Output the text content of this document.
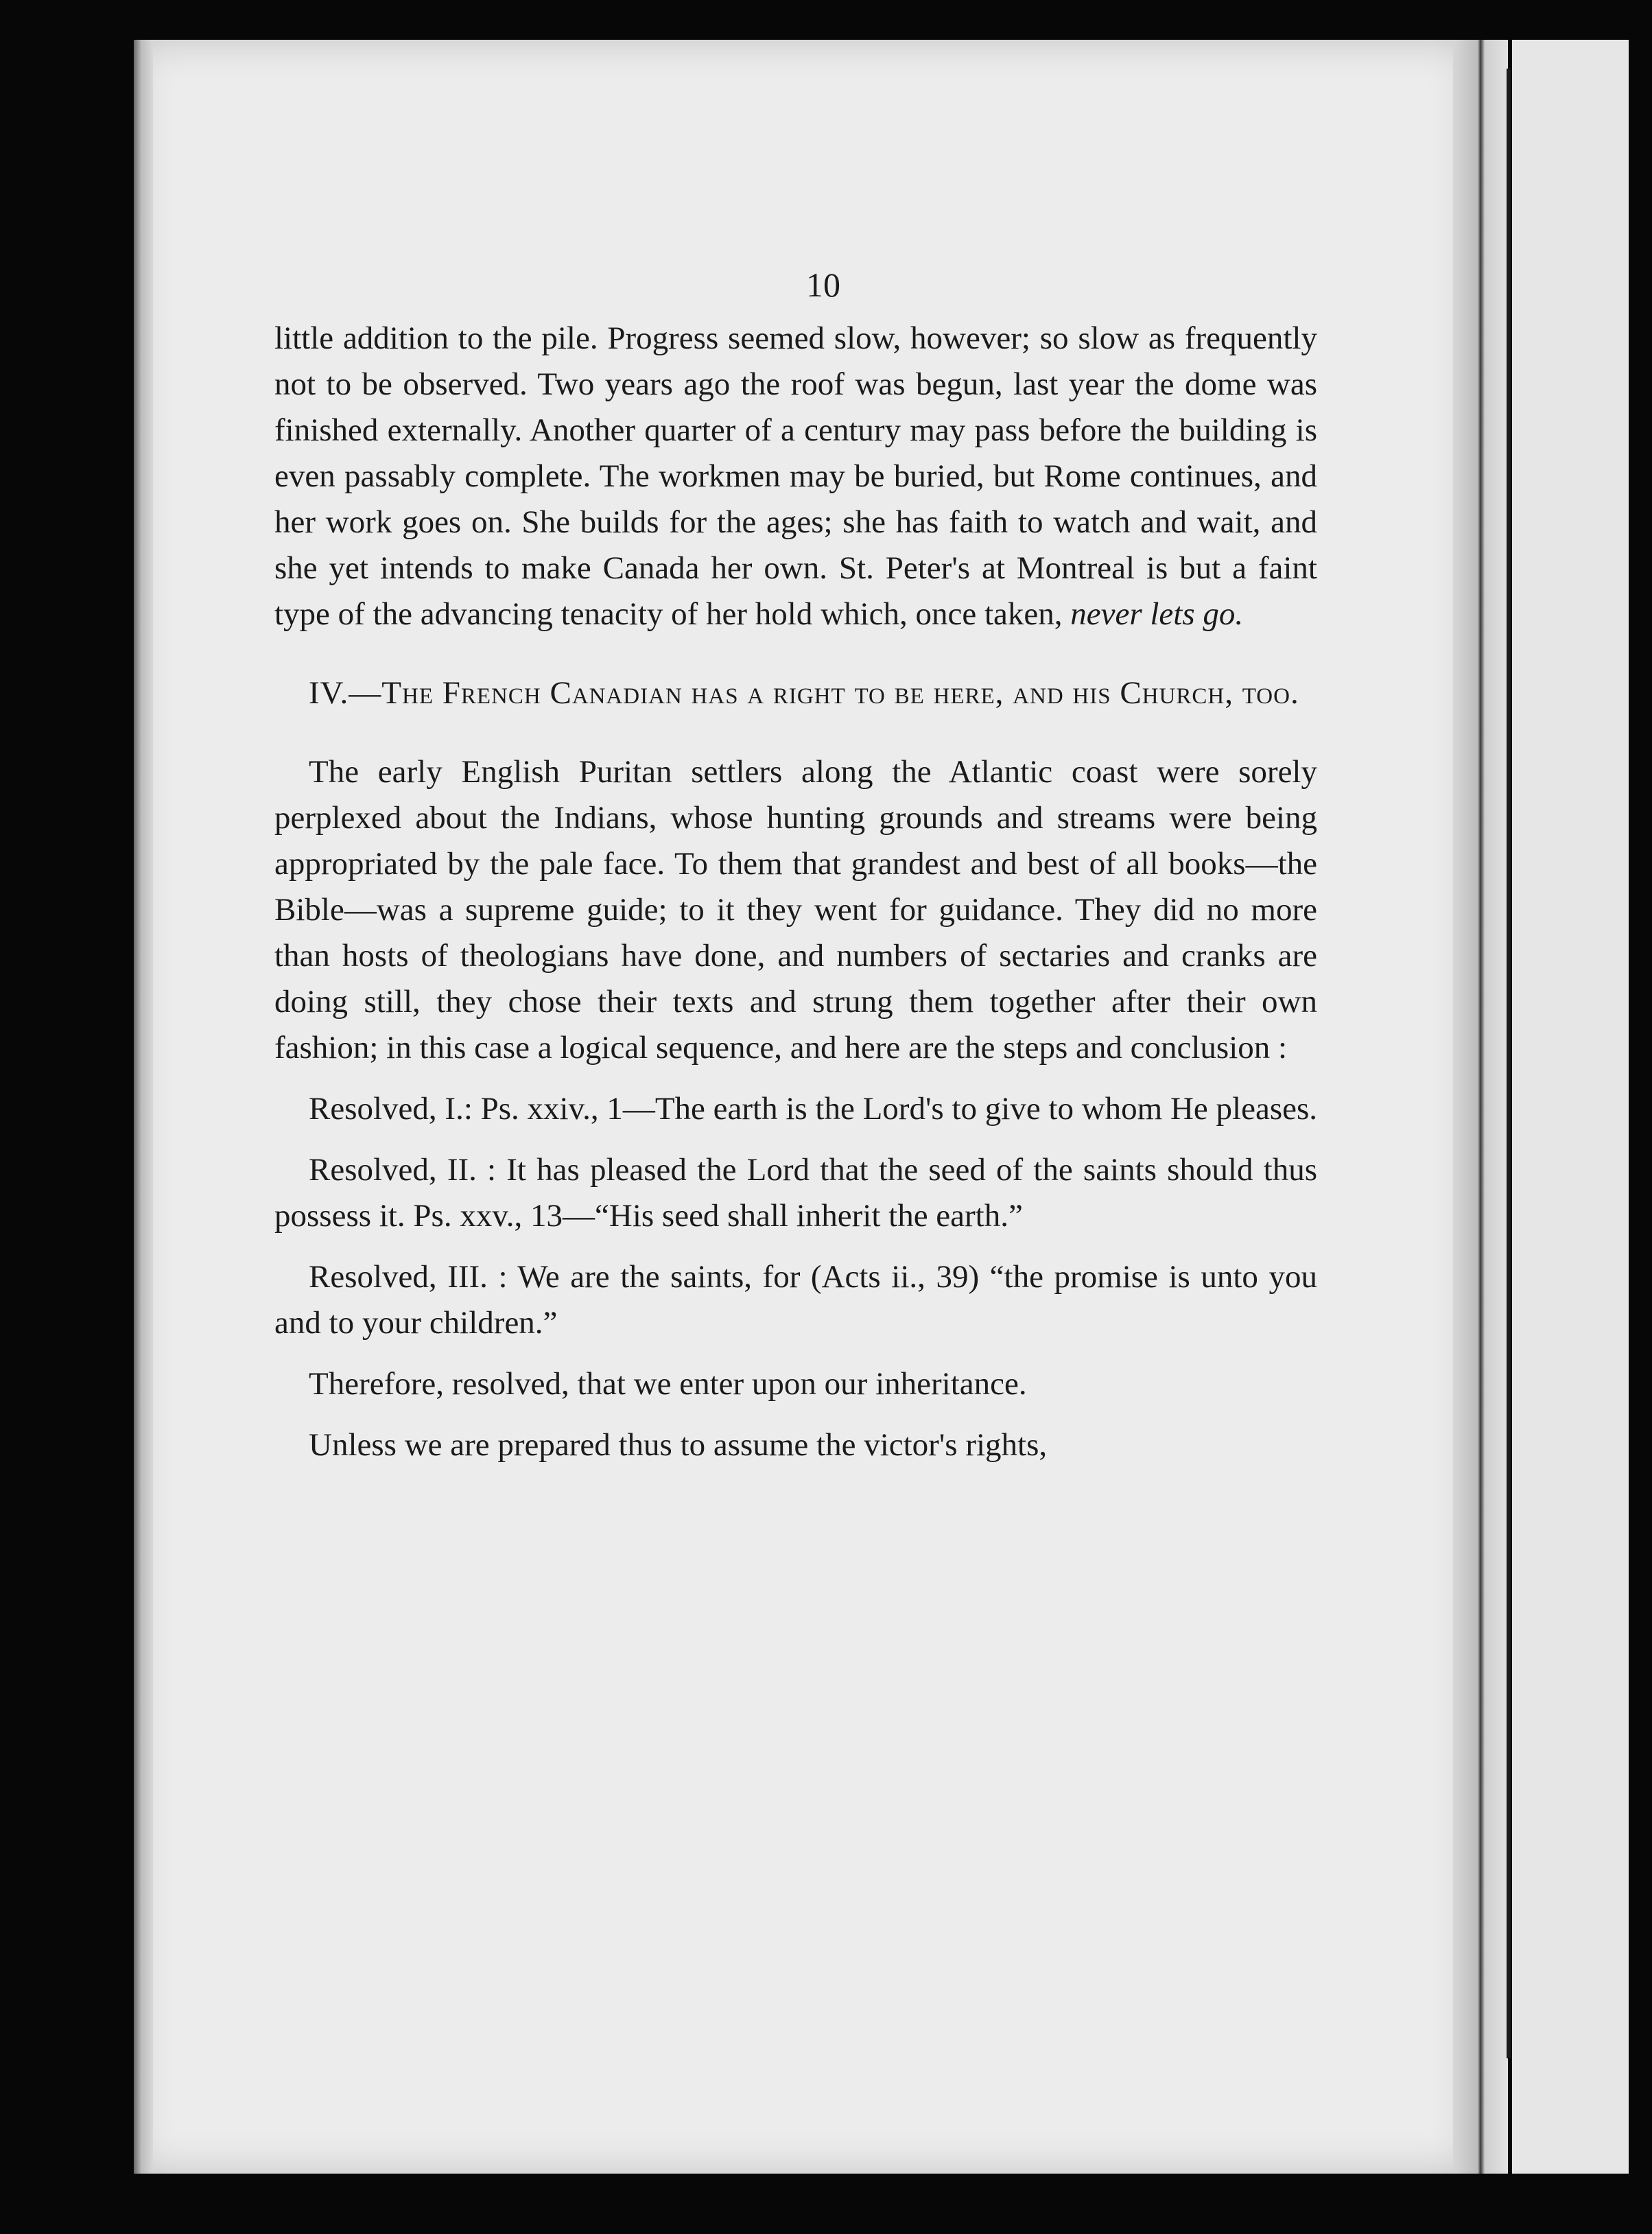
10

little addition to the pile. Progress seemed slow, however; so slow as frequently not to be observed. Two years ago the roof was begun, last year the dome was finished externally. Another quarter of a century may pass before the building is even passably complete. The workmen may be buried, but Rome continues, and her work goes on. She builds for the ages; she has faith to watch and wait, and she yet intends to make Canada her own. St. Peter's at Montreal is but a faint type of the advancing tenacity of her hold which, once taken, never lets go.

IV.—The French Canadian has a right to be here, and his Church, too.

The early English Puritan settlers along the Atlantic coast were sorely perplexed about the Indians, whose hunting grounds and streams were being appropriated by the pale face. To them that grandest and best of all books—the Bible—was a supreme guide; to it they went for guidance. They did no more than hosts of theologians have done, and numbers of sectaries and cranks are doing still, they chose their texts and strung them together after their own fashion; in this case a logical sequence, and here are the steps and conclusion :

Resolved, I.: Ps. xxiv., 1—The earth is the Lord's to give to whom He pleases.

Resolved, II. : It has pleased the Lord that the seed of the saints should thus possess it. Ps. xxv., 13—“His seed shall inherit the earth.”

Resolved, III. : We are the saints, for (Acts ii., 39) “the promise is unto you and to your children.”

Therefore, resolved, that we enter upon our inheritance.

Unless we are prepared thus to assume the victor's rights,
